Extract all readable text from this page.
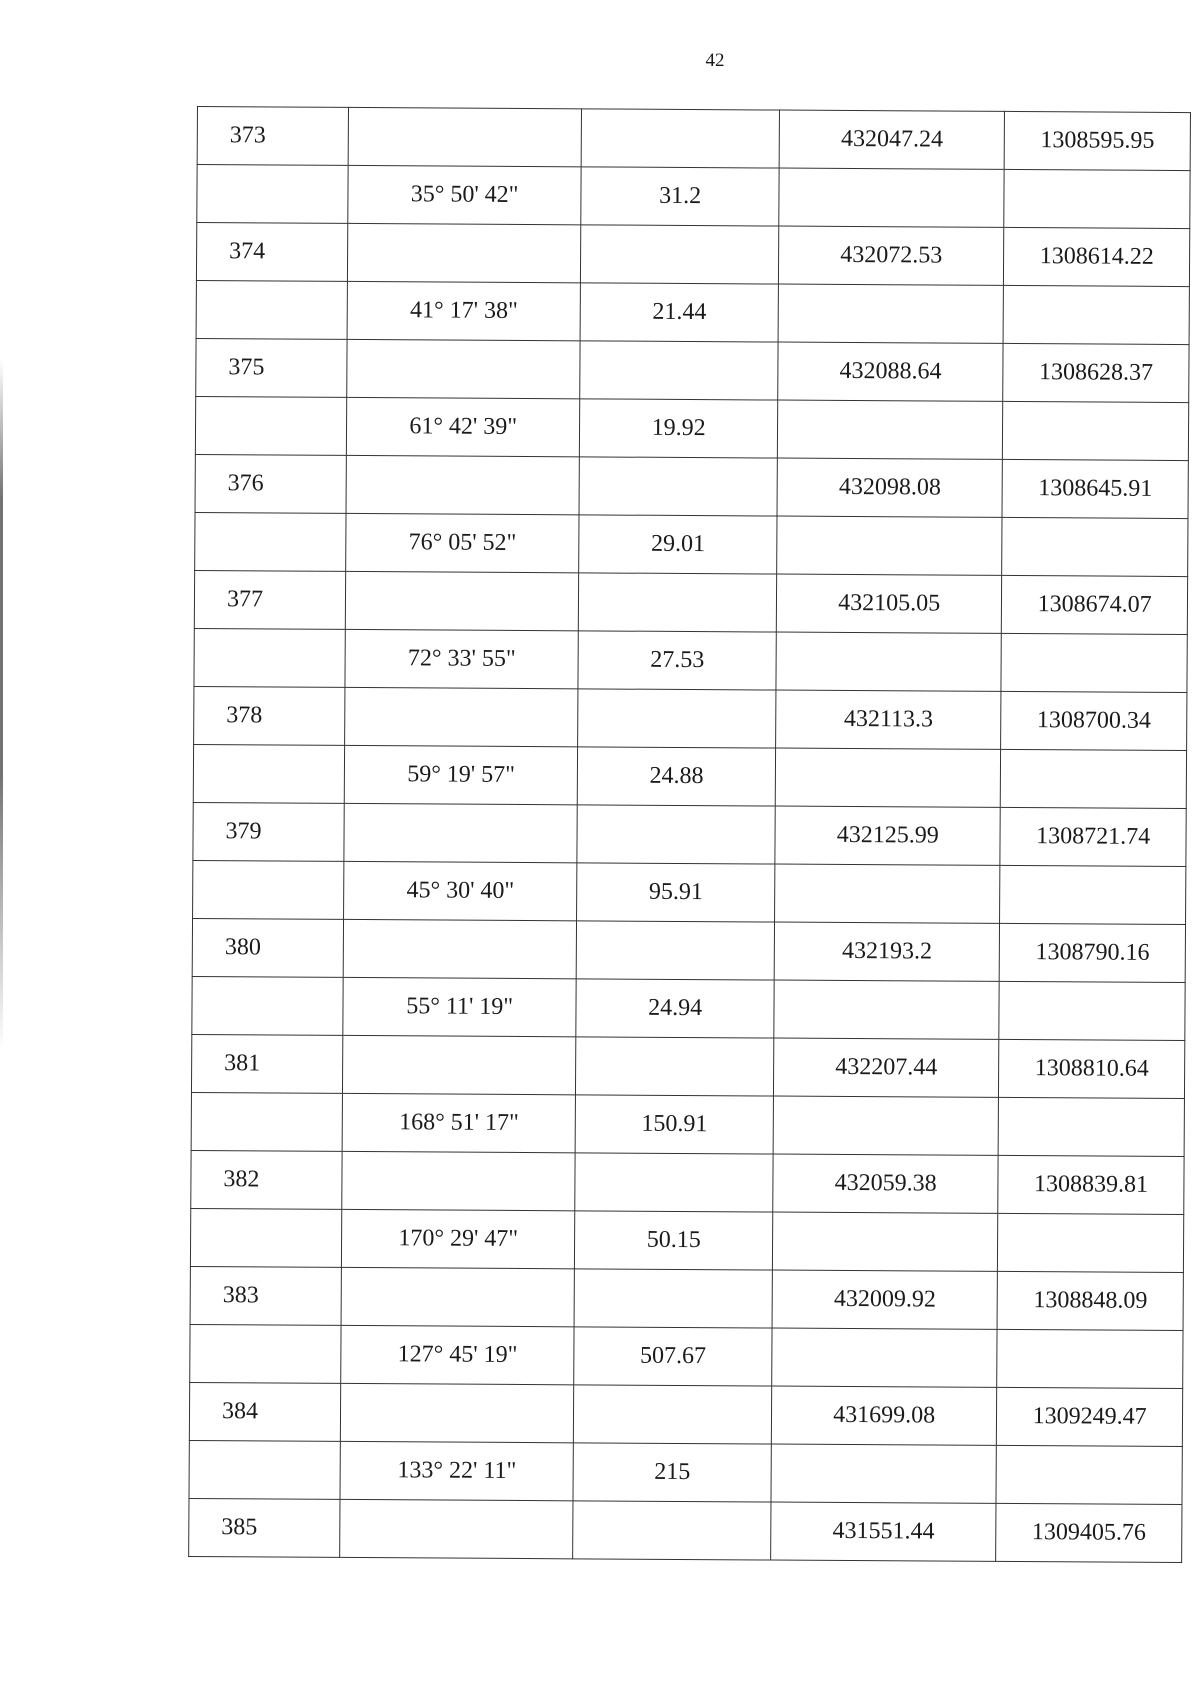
42
373			432047.24	1308595.95
	35° 50' 42"	31.2		
374			432072.53	1308614.22
	41° 17' 38"	21.44		
375			432088.64	1308628.37
	61° 42' 39"	19.92		
376			432098.08	1308645.91
	76° 05' 52"	29.01		
377			432105.05	1308674.07
	72° 33' 55"	27.53		
378			432113.3	1308700.34
	59° 19' 57"	24.88		
379			432125.99	1308721.74
	45° 30' 40"	95.91		
380			432193.2	1308790.16
	55° 11' 19"	24.94		
381			432207.44	1308810.64
	168° 51' 17"	150.91		
382			432059.38	1308839.81
	170° 29' 47"	50.15		
383			432009.92	1308848.09
	127° 45' 19"	507.67		
384			431699.08	1309249.47
	133° 22' 11"	215		
385			431551.44	1309405.76
